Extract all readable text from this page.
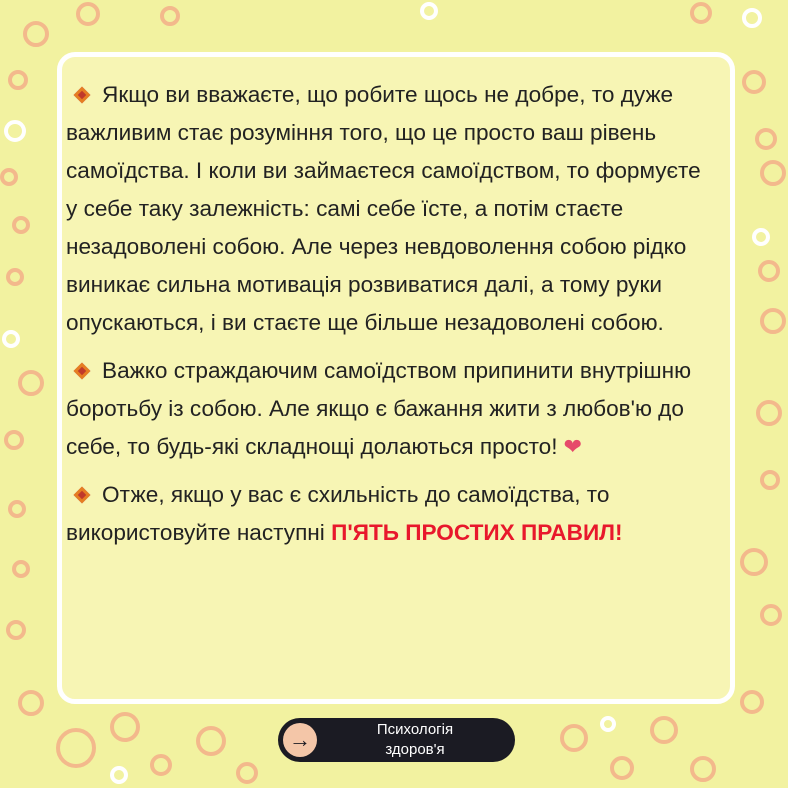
Якщо ви вважаєте, що робите щось не добре, то дуже важливим стає розуміння того, що це просто ваш рівень самоїдства. І коли ви займаєтеся самоїдством, то формуєте у себе таку залежність: самі себе їсте, а потім стаєте незадоволені собою. Але через невдоволення собою рідко виникає сильна мотивація розвиватися далі, а тому руки опускаються, і ви стаєте ще більше незадоволені собою.

Важко страждаючим самоїдством припинити внутрішню боротьбу із собою. Але якщо є бажання жити з любов'ю до себе, то будь-які складнощі долаються просто! ❤

Отже, якщо у вас є схильність до самоїдства, то використовуйте наступні П'ЯТЬ ПРОСТИХ ПРАВИЛ!

→	Психологія
здоров'я
